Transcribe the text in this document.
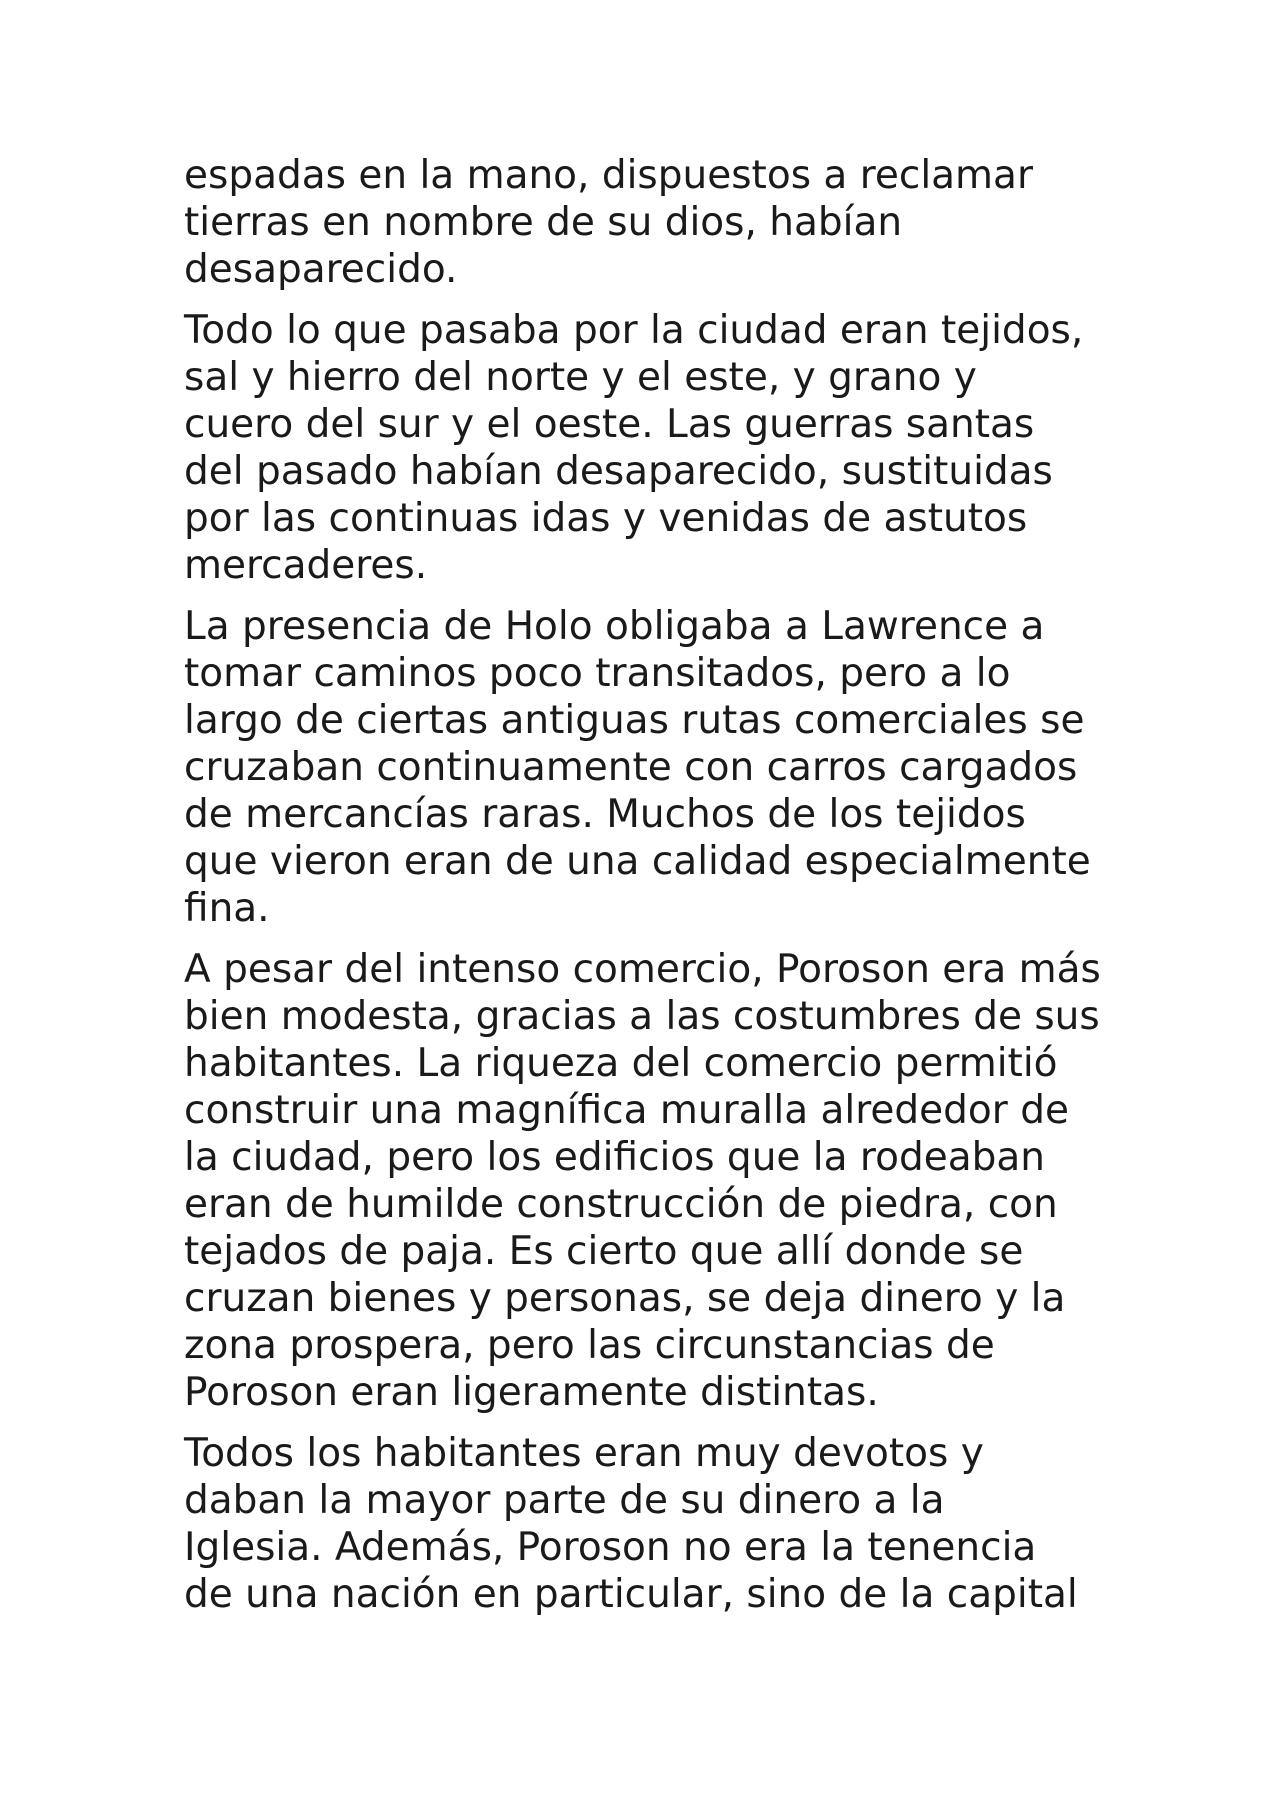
espadas en la mano, dispuestos a reclamar
tierras en nombre de su dios, habían
desaparecido.

Todo lo que pasaba por la ciudad eran tejidos,
sal y hierro del norte y el este, y grano y
cuero del sur y el oeste. Las guerras santas
del pasado habían desaparecido, sustituidas
por las continuas idas y venidas de astutos
mercaderes.

La presencia de Holo obligaba a Lawrence a
tomar caminos poco transitados, pero a lo
largo de ciertas antiguas rutas comerciales se
cruzaban continuamente con carros cargados
de mercancías raras. Muchos de los tejidos
que vieron eran de una calidad especialmente
fina.

A pesar del intenso comercio, Poroson era más
bien modesta, gracias a las costumbres de sus
habitantes. La riqueza del comercio permitió
construir una magnífica muralla alrededor de
la ciudad, pero los edificios que la rodeaban
eran de humilde construcción de piedra, con
tejados de paja. Es cierto que allí donde se
cruzan bienes y personas, se deja dinero y la
zona prospera, pero las circunstancias de
Poroson eran ligeramente distintas.

Todos los habitantes eran muy devotos y
daban la mayor parte de su dinero a la
Iglesia. Además, Poroson no era la tenencia
de una nación en particular, sino de la capital
